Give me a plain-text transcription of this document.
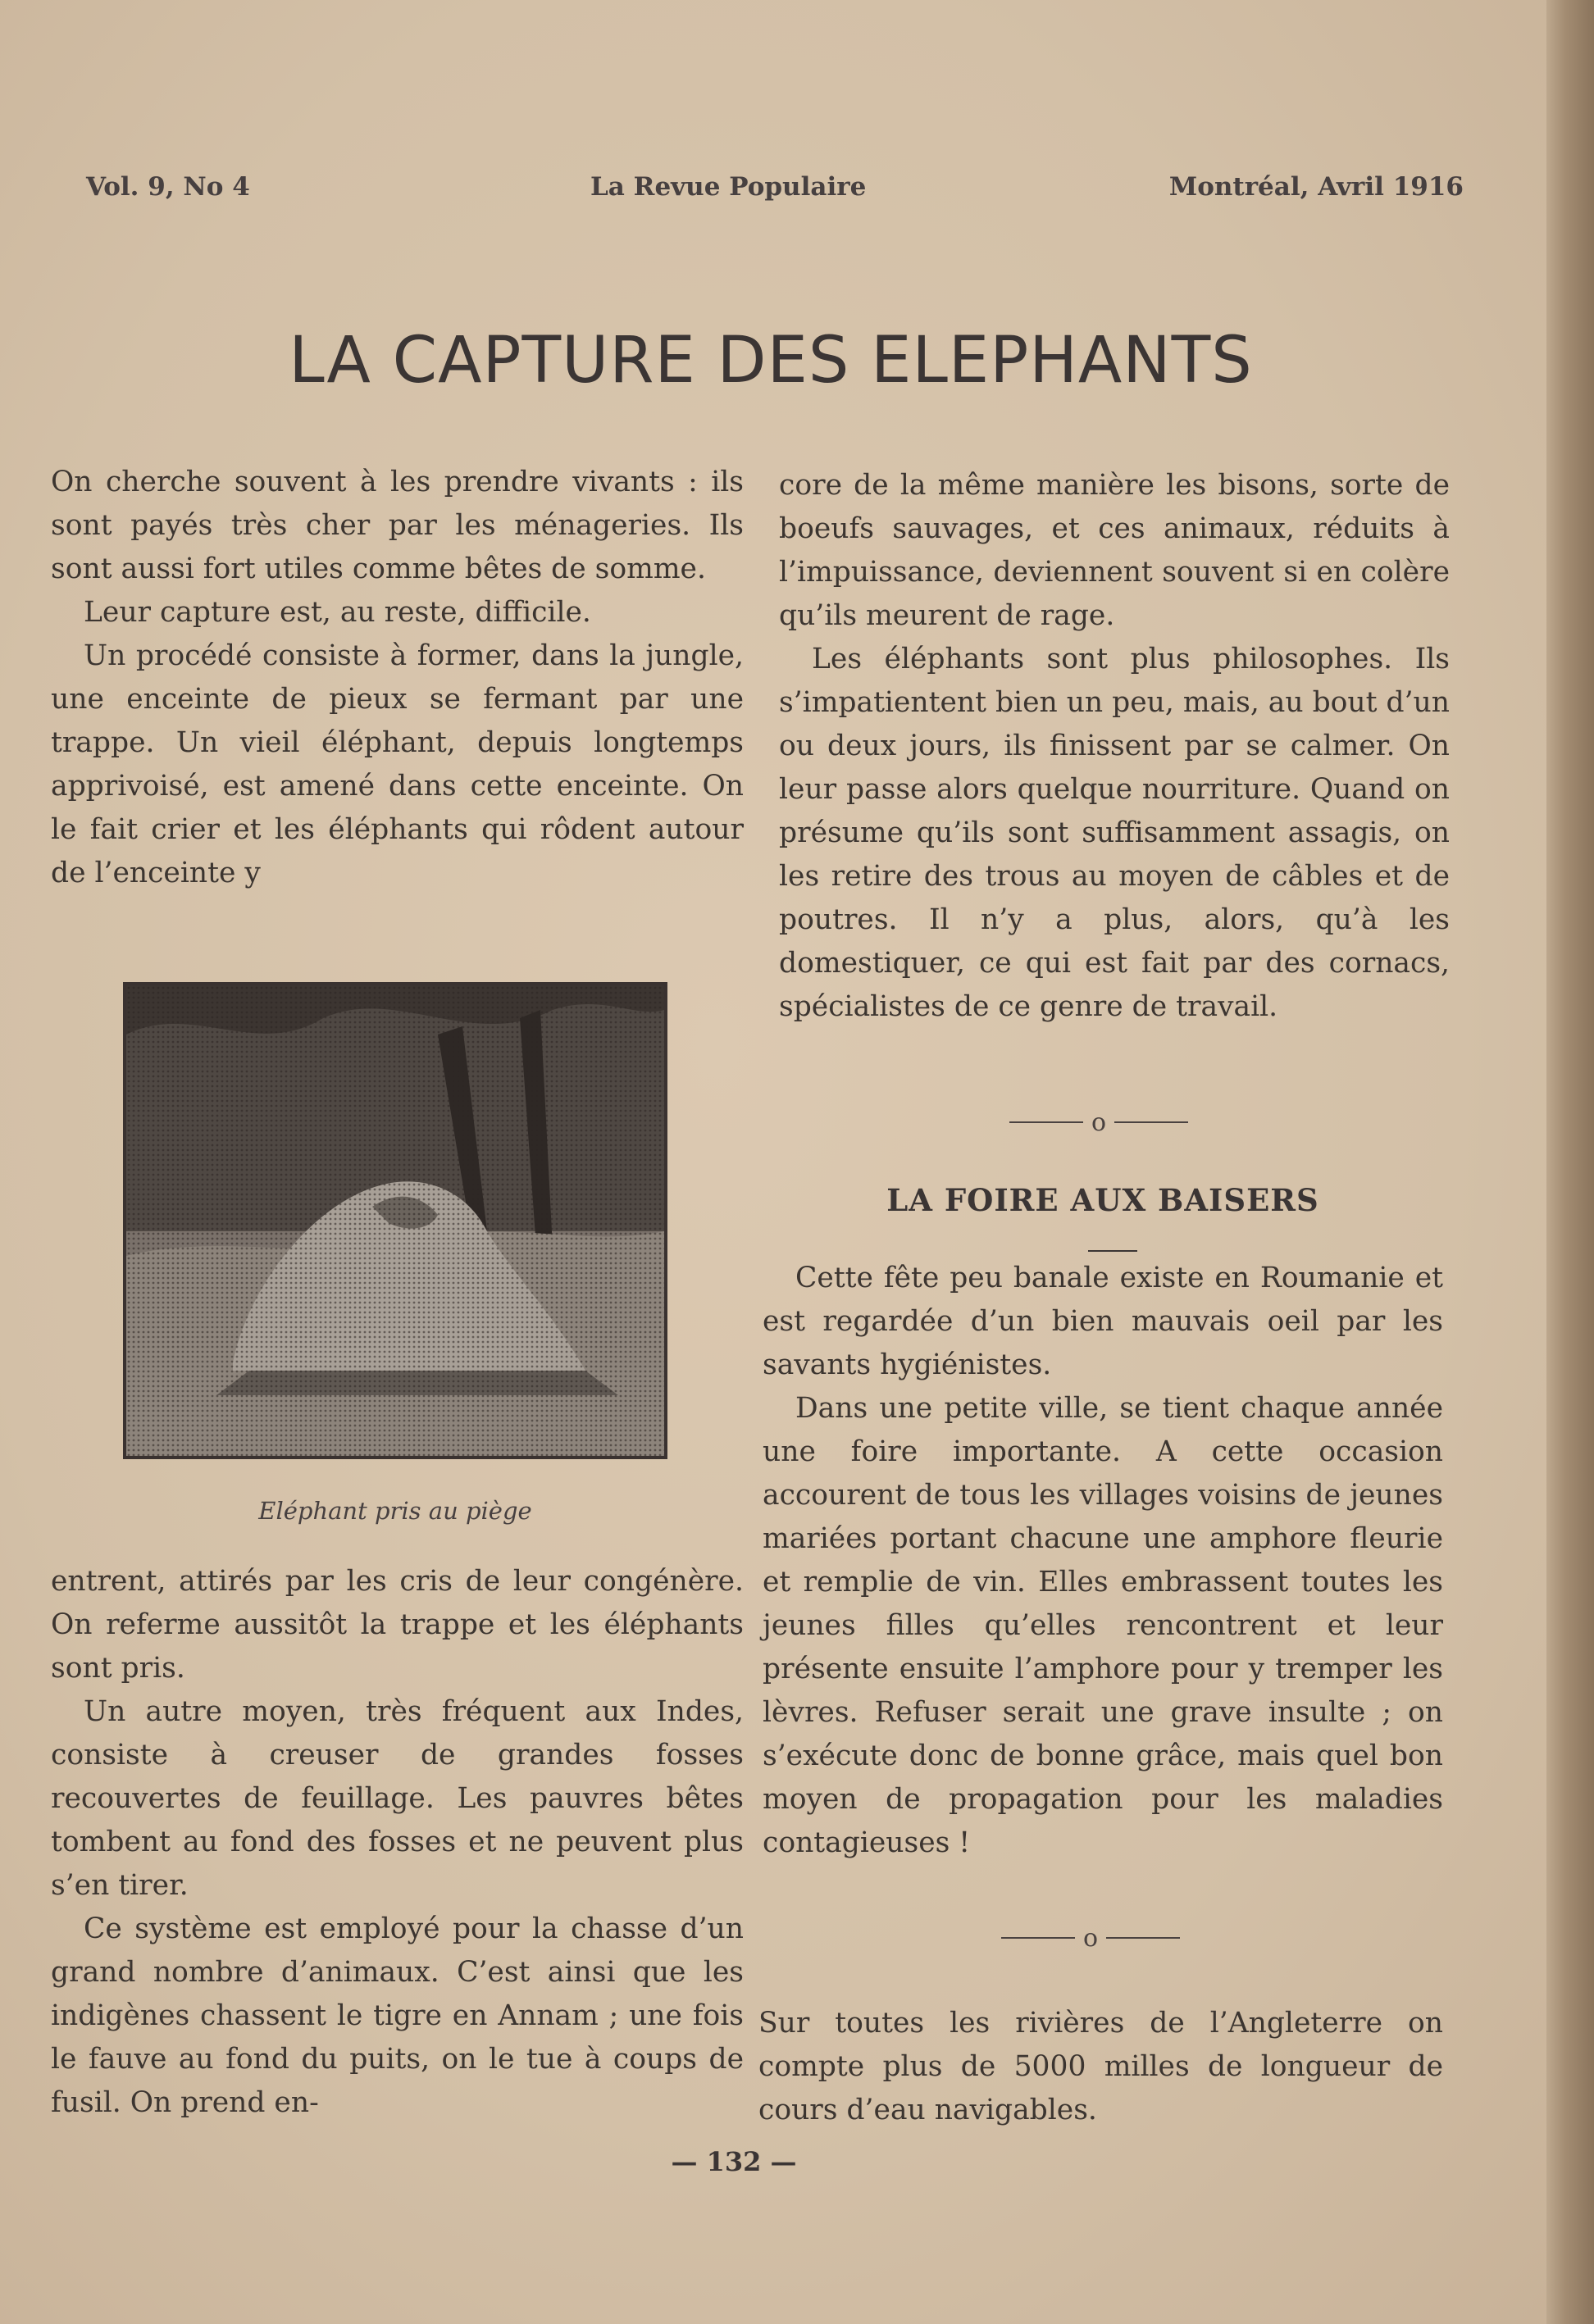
Vol. 9, No 4	La Revue Populaire	Montréal, Avril 1916
LA CAPTURE DES ELEPHANTS

On cherche souvent à les prendre vivants : ils sont payés très cher par les ménageries. Ils sont aussi fort utiles comme bêtes de somme.

Leur capture est, au reste, difficile.

Un procédé consiste à former, dans la jungle, une enceinte de pieux se fermant par une trappe. Un vieil éléphant, depuis longtemps apprivoisé, est amené dans cette enceinte. On le fait crier et les éléphants qui rôdent autour de l’enceinte y

Eléphant pris au piège

entrent, attirés par les cris de leur congénère. On referme aussitôt la trappe et les éléphants sont pris.

Un autre moyen, très fréquent aux Indes, consiste à creuser de grandes fosses recouvertes de feuillage. Les pauvres bêtes tombent au fond des fosses et ne peuvent plus s’en tirer.

Ce système est employé pour la chasse d’un grand nombre d’animaux. C’est ainsi que les indigènes chassent le tigre en Annam ; une fois le fauve au fond du puits, on le tue à coups de fusil. On prend en-

core de la même manière les bisons, sorte de boeufs sauvages, et ces animaux, réduits à l’impuissance, deviennent souvent si en colère qu’ils meurent de rage.

Les éléphants sont plus philosophes. Ils s’impatientent bien un peu, mais, au bout d’un ou deux jours, ils finissent par se calmer. On leur passe alors quelque nourriture. Quand on présume qu’ils sont suffisamment assagis, on les retire des trous au moyen de câbles et de poutres. Il n’y a plus, alors, qu’à les domestiquer, ce qui est fait par des cornacs, spécialistes de ce genre de travail.

o
LA FOIRE AUX BAISERS

Cette fête peu banale existe en Roumanie et est regardée d’un bien mauvais oeil par les savants hygiénistes.

Dans une petite ville, se tient chaque année une foire importante. A cette occasion accourent de tous les villages voisins de jeunes mariées portant chacune une amphore fleurie et remplie de vin. Elles embrassent toutes les jeunes filles qu’elles rencontrent et leur présente ensuite l’amphore pour y tremper les lèvres. Refuser serait une grave insulte ; on s’exécute donc de bonne grâce, mais quel bon moyen de propagation pour les maladies contagieuses !

o

Sur toutes les rivières de l’Angleterre on compte plus de 5000 milles de longueur de cours d’eau navigables.

— 132 —
